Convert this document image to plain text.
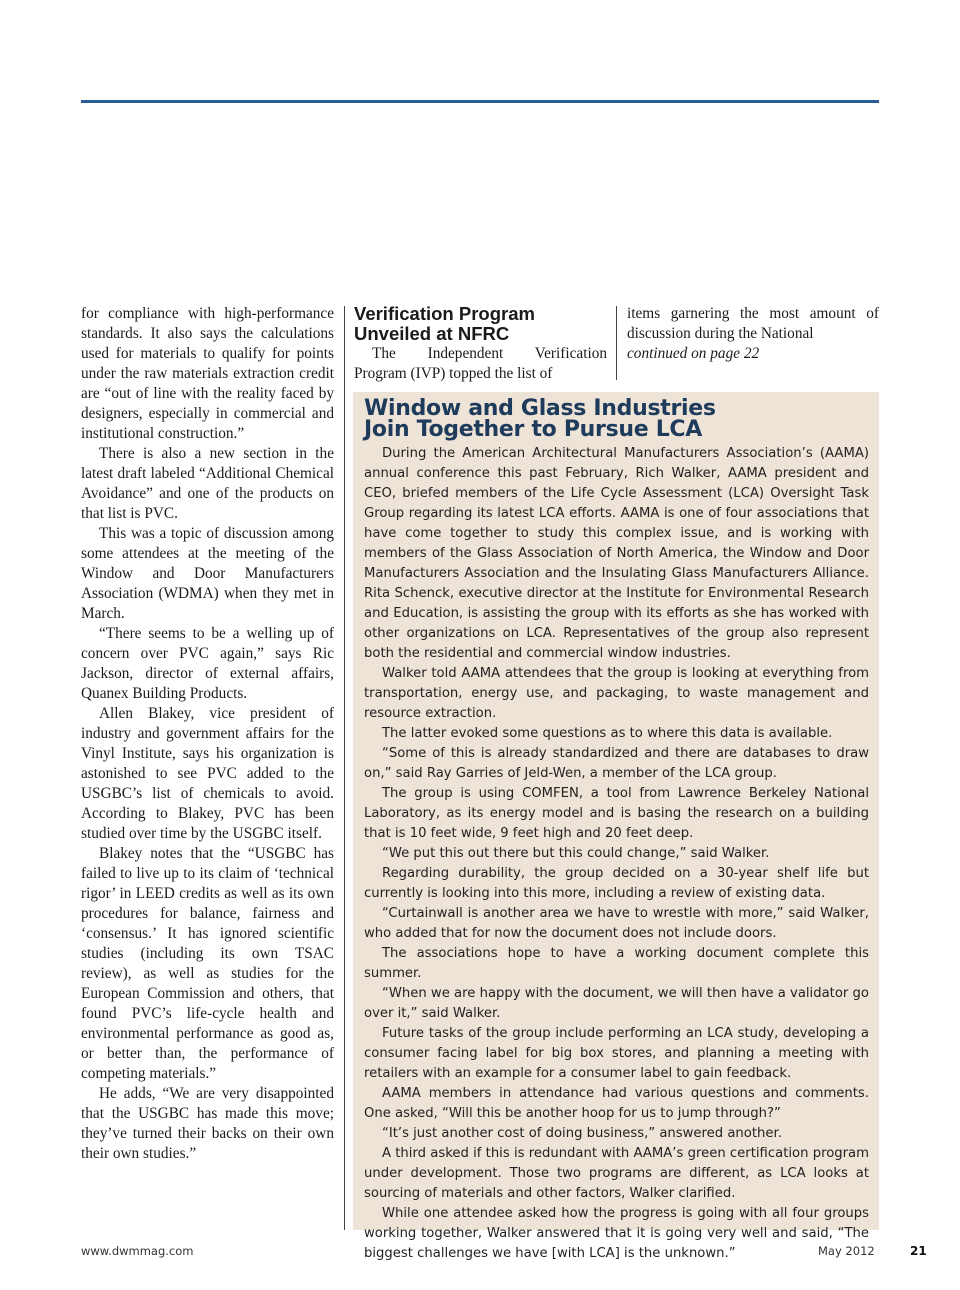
for compliance with high-performance standards. It also says the calculations used for materials to qualify for points under the raw materials extraction credit are “out of line with the reality faced by designers, especially in commercial and institutional construction.”

There is also a new section in the latest draft labeled “Additional Chemical Avoidance” and one of the products on that list is PVC.

This was a topic of discussion among some attendees at the meeting of the Window and Door Manufacturers Association (WDMA) when they met in March.

“There seems to be a welling up of concern over PVC again,” says Ric Jackson, director of external affairs, Quanex Building Products.

Allen Blakey, vice president of industry and government affairs for the Vinyl Institute, says his organization is astonished to see PVC added to the USGBC’s list of chemicals to avoid. According to Blakey, PVC has been studied over time by the USGBC itself.

Blakey notes that the “USGBC has failed to live up to its claim of ‘technical rigor’ in LEED credits as well as its own procedures for balance, fairness and ‘consensus.’ It has ignored scientific studies (including its own TSAC review), as well as studies for the European Commission and others, that found PVC’s life-cycle health and environmental performance as good as, or better than, the performance of competing materials.”

He adds, “We are very disappointed that the USGBC has made this move; they’ve turned their backs on their own their own studies.”

Verification Program Unveiled at NFRC

The Independent Verification Program (IVP) topped the list of

items garnering the most amount of discussion during the National

continued on page 22

Window and Glass Industries
Join Together to Pursue LCA

During the American Architectural Manufacturers Association’s (AAMA) annual conference this past February, Rich Walker, AAMA president and CEO, briefed members of the Life Cycle Assessment (LCA) Oversight Task Group regarding its latest LCA efforts. AAMA is one of four associations that have come together to study this complex issue, and is working with members of the Glass Association of North America, the Window and Door Manufacturers Association and the Insulating Glass Manufacturers Alliance. Rita Schenck, executive director at the Institute for Environmental Research and Education, is assisting the group with its efforts as she has worked with other organizations on LCA. Representatives of the group also represent both the residential and commercial window industries.

Walker told AAMA attendees that the group is looking at everything from transportation, energy use, and packaging, to waste management and resource extraction.

The latter evoked some questions as to where this data is available.

“Some of this is already standardized and there are databases to draw on,” said Ray Garries of Jeld-Wen, a member of the LCA group.

The group is using COMFEN, a tool from Lawrence Berkeley National Laboratory, as its energy model and is basing the research on a building that is 10 feet wide, 9 feet high and 20 feet deep.

“We put this out there but this could change,” said Walker.

Regarding durability, the group decided on a 30-year shelf life but currently is looking into this more, including a review of existing data.

“Curtainwall is another area we have to wrestle with more,” said Walker, who added that for now the document does not include doors.

The associations hope to have a working document complete this summer.

“When we are happy with the document, we will then have a validator go over it,” said Walker.

Future tasks of the group include performing an LCA study, developing a consumer facing label for big box stores, and planning a meeting with retailers with an example for a consumer label to gain feedback.

AAMA members in attendance had various questions and comments. One asked, “Will this be another hoop for us to jump through?”

“It’s just another cost of doing business,” answered another.

A third asked if this is redundant with AAMA’s green certification program under development. Those two programs are different, as LCA looks at sourcing of materials and other factors, Walker clarified.

While one attendee asked how the progress is going with all four groups working together, Walker answered that it is going very well and said, “The biggest challenges we have [with LCA] is the unknown.”

www.dwmmag.com	May 2012	21
